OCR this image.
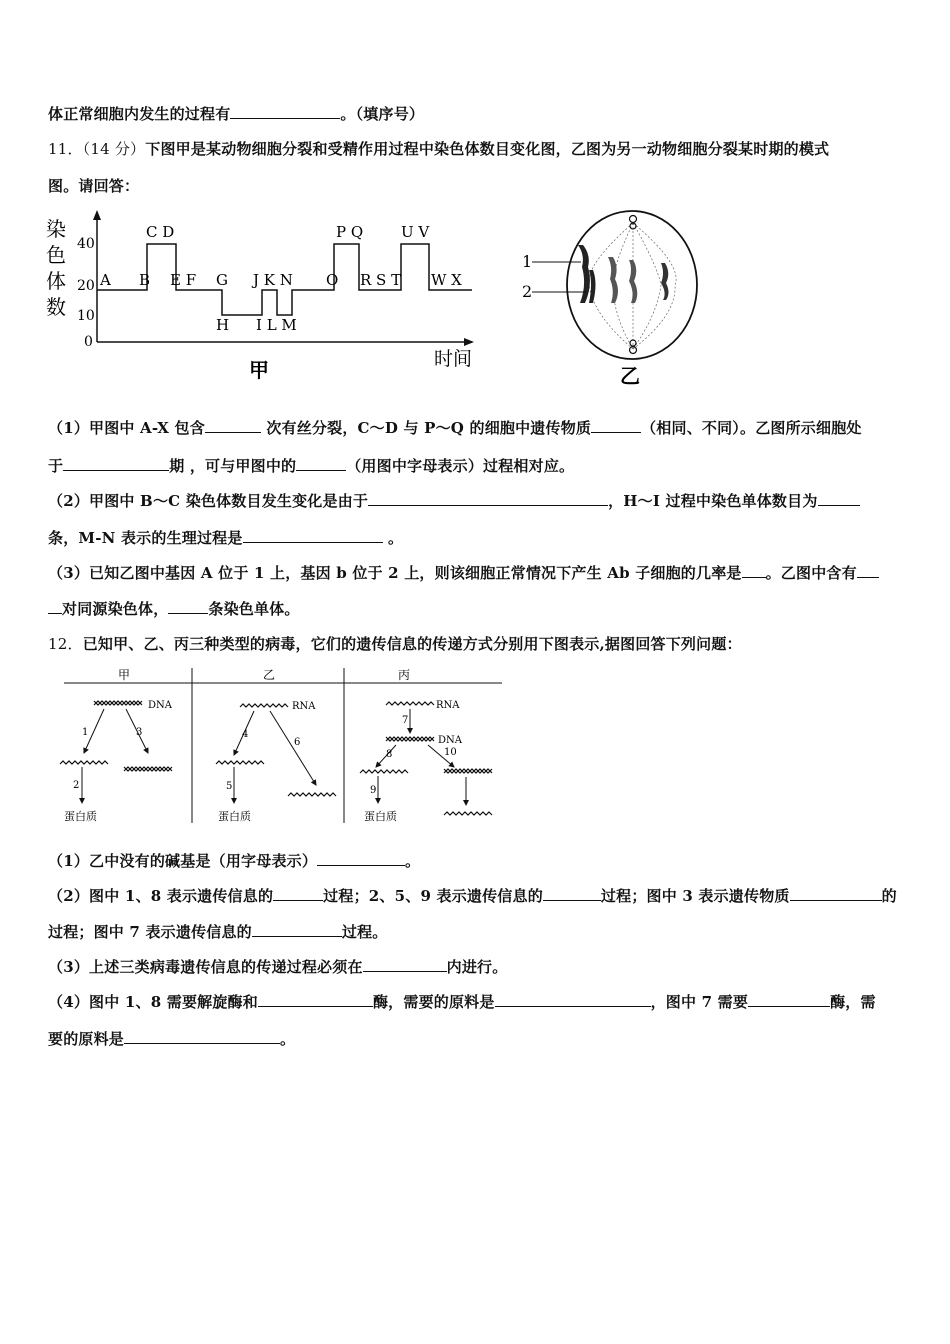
体正常细胞内发生的过程有	。（填序号）
11．（14 分）下图甲是某动物细胞分裂和受精作用过程中染色体数目变化图，乙图为另一动物细胞分裂某时期的模式
图。请回答：
染
色
体
数
40
20
10
0
C D	P Q	U V
A B E F G J K N O R S T W X
H I L M
时间
甲
1
2
乙
（1）甲图中 A-X 包含	次有丝分裂，C～D 与 P～Q 的细胞中遗传物质	（相同、不同）。乙图所示细胞处
于	期 ，可与甲图中的	（用图中字母表示）过程相对应。
（2）甲图中 B～C 染色体数目发生变化是由于	，H～I 过程中染色单体数目为
条，M-N 表示的生理过程是	。
（3）已知乙图中基因 A 位于 1 上，基因 b 位于 2 上，则该细胞正常情况下产生 Ab 子细胞的几率是 。乙图中含有
对同源染色体，	条染色单体。
12．已知甲、乙、丙三种类型的病毒，它们的遗传信息的传递方式分别用下图表示,据图回答下列问题：
甲	乙	丙
DNA
1	3
2
蛋白质
RNA
4
6
5
蛋白质
RNA
7
DNA
8	10
9
蛋白质
（1）乙中没有的碱基是（用字母表示）	。
（2）图中 1、8 表示遗传信息的	过程；2、5、9 表示遗传信息的	过程；图中 3 表示遗传物质	的
过程；图中 7 表示遗传信息的	过程。
（3）上述三类病毒遗传信息的传递过程必须在	内进行。
（4）图中 1、8 需要解旋酶和	酶，需要的原料是	，图中 7 需要	酶，需
要的原料是	。
